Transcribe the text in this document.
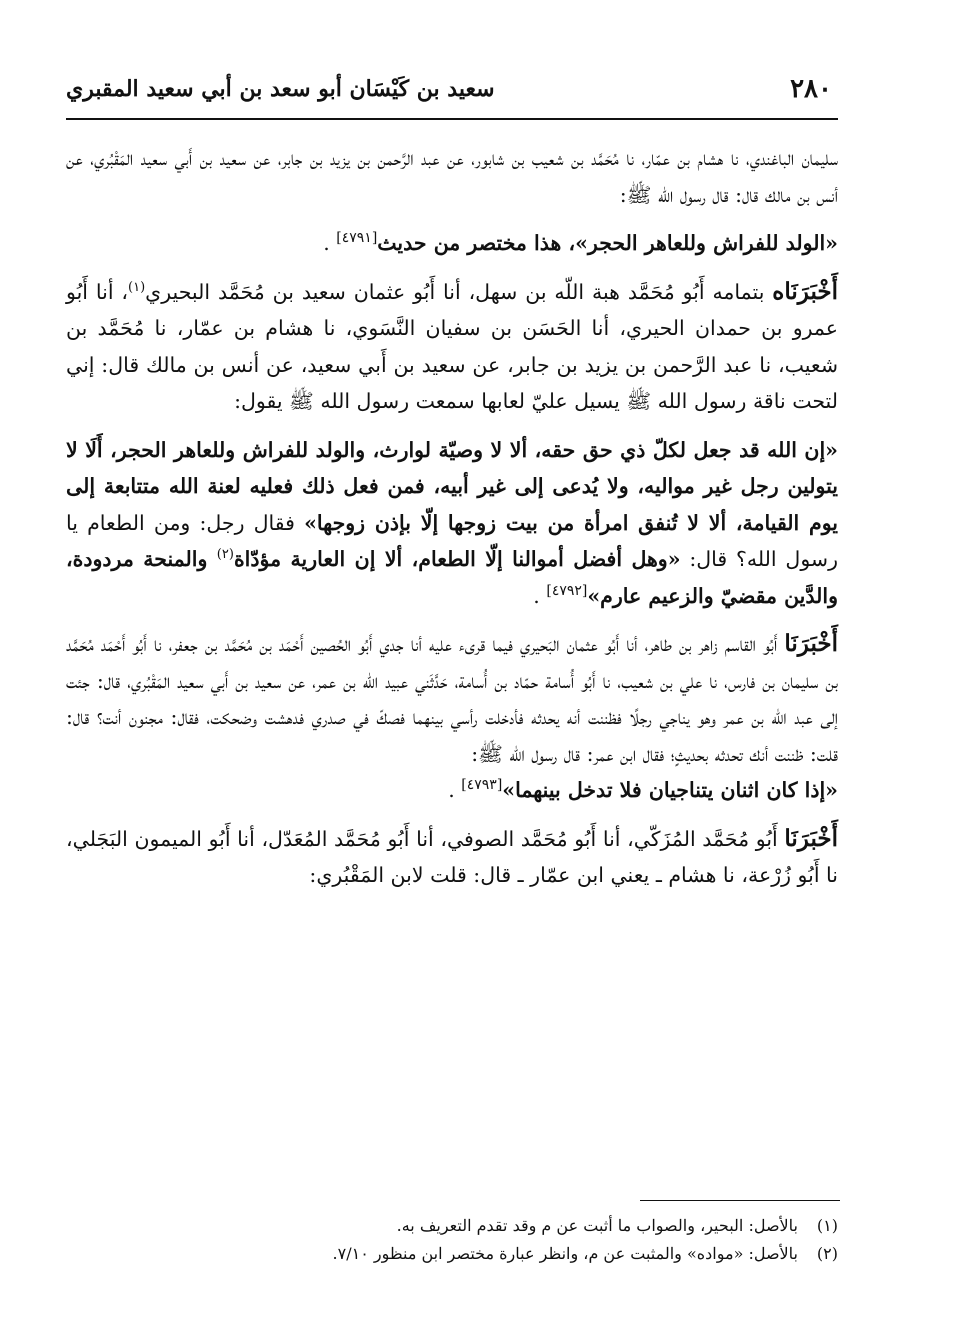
٢٨٠
سعيد بن كَيْسَان أبو سعد بن أبي سعيد المقبري

سليمان الباغندي، نا هشام بن عمّار، نا مُحَمَّد بن شعيب بن شابور، عن عبد الرَّحمن بن يزيد بن جابر، عن سعيد بن أَبي سعيد المَقْبُري، عن أنس بن مالك قال: قال رسول الله ﷺ:

«الولد للفراش وللعاهر الحجر»، هذا مختصر من حديث[٤٧٩١] .

أَخْبَرَنَاه بتمامه أَبُو مُحَمَّد هبة اللّه بن سهل، أنا أَبُو عثمان سعيد بن مُحَمَّد البحيري$^{(١)}$، أنا أَبُو عمرو بن حمدان الحيري، أنا الحَسَن بن سفيان النَّسَوي، نا هشام بن عمّار، نا مُحَمَّد بن شعيب، نا عبد الرَّحمن بن يزيد بن جابر، عن سعيد بن أَبي سعيد، عن أنس بن مالك قال: إني لتحت ناقة رسول الله ﷺ يسيل عليّ لعابها سمعت رسول الله ﷺ يقول:

«إن الله قد جعل لكلّ ذي حق حقه، ألا لا وصيّة لوارث، والولد للفراش وللعاهر الحجر، أَلَا لا يتولين رجل غير مواليه، ولا يُدعى إلى غير أبيه، فمن فعل ذلك فعليه لعنة الله متتابعة إلى يوم القيامة، ألا لا تُنفق امرأة من بيت زوجها إلّا بإذن زوجها» فقال رجل: ومن الطعام يا رسول الله؟ قال: «وهل أفضل أموالنا إلّا الطعام، ألا إن العارية مؤدّاة$^{(٢)}$ والمنحة مردودة، والدَّين مقضيّ والزعيم عارم»[٤٧٩٢] .

أَخْبَرَنَا أَبُو القاسم زاهر بن طاهر، أنا أَبُو عثمان البَحيري فيما قرىء عليه أنا جدي أَبُو الحُصين أَحْمَد بن مُحَمَّد بن جعفر، نا أَبُو أَحْمَد مُحَمَّد بن سليمان بن فارس، نا علي بن شعيب، نا أَبُو أُسامة حمّاد بن أُسامة، حَدَّثَني عبيد اللّه بن عمر، عن سعيد بن أَبي سعيد المَقْبُري، قال: جئت إلى عبد اللّه بن عمر وهو يناجي رجلًا فظننت أنه يحدثه فأدخلت رأسي بينهما فصكّ في صدري فدهشت وضحكت، فقال: مجنون أنت؟ قال: قلت: ظننت أنك تحدثه بحديثٍ؛ فقال ابن عمر: قال رسول الله ﷺ:

«إذا كان اثنان يتناجيان فلا تدخل بينهما»[٤٧٩٣] .

أَخْبَرَنَا أَبُو مُحَمَّد المُزَكّي، أنا أَبُو مُحَمَّد الصوفي، أنا أَبُو مُحَمَّد المُعَدّل، أنا أَبُو الميمون البَجَلي، نا أَبُو زُرْعة، نا هشام ـ يعني ابن عمّار ـ قال: قلت لابن المَقْبُري:

(١)بالأصل: البحير، والصواب ما أثبت عن م وقد تقدم التعريف به.

(٢)بالأصل: «مواده» والمثبت عن م، وانظر عبارة مختصر ابن منظور ٧/١٠.
